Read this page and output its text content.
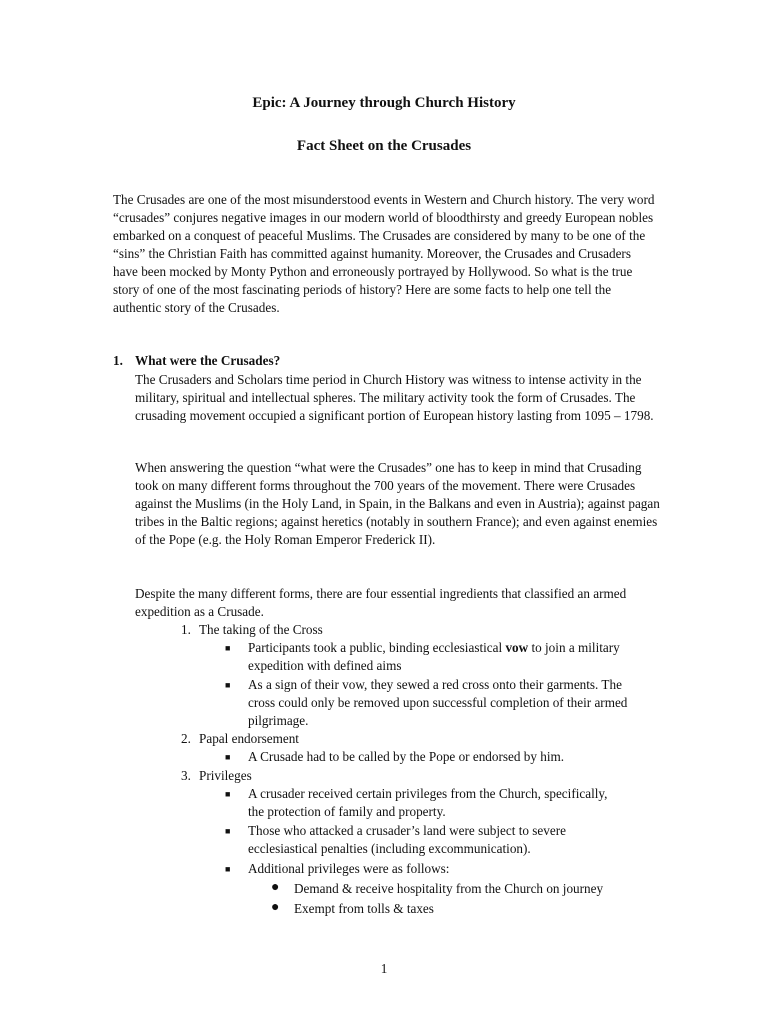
Epic: A Journey through Church History
Fact Sheet on the Crusades

The Crusades are one of the most misunderstood events in Western and Church history. The very word “crusades” conjures negative images in our modern world of bloodthirsty and greedy European nobles embarked on a conquest of peaceful Muslims. The Crusades are considered by many to be one of the “sins” the Christian Faith has committed against humanity. Moreover, the Crusades and Crusaders have been mocked by Monty Python and erroneously portrayed by Hollywood. So what is the true story of one of the most fascinating periods of history? Here are some facts to help one tell the authentic story of the Crusades.

1. What were the Crusades?

The Crusaders and Scholars time period in Church History was witness to intense activity in the military, spiritual and intellectual spheres. The military activity took the form of Crusades. The crusading movement occupied a significant portion of European history lasting from 1095 – 1798.

When answering the question “what were the Crusades” one has to keep in mind that Crusading took on many different forms throughout the 700 years of the movement. There were Crusades against the Muslims (in the Holy Land, in Spain, in the Balkans and even in Austria); against pagan tribes in the Baltic regions; against heretics (notably in southern France); and even against enemies of the Pope (e.g. the Holy Roman Emperor Frederick II).

Despite the many different forms, there are four essential ingredients that classified an armed expedition as a Crusade.

1. The taking of the Cross
■ Participants took a public, binding ecclesiastical vow to join a military expedition with defined aims
■ As a sign of their vow, they sewed a red cross onto their garments. The cross could only be removed upon successful completion of their armed pilgrimage.
2. Papal endorsement
■ A Crusade had to be called by the Pope or endorsed by him.
3. Privileges
■ A crusader received certain privileges from the Church, specifically, the protection of family and property.
■ Those who attacked a crusader’s land were subject to severe ecclesiastical penalties (including excommunication).
■ Additional privileges were as follows:
● Demand & receive hospitality from the Church on journey
● Exempt from tolls & taxes
1
